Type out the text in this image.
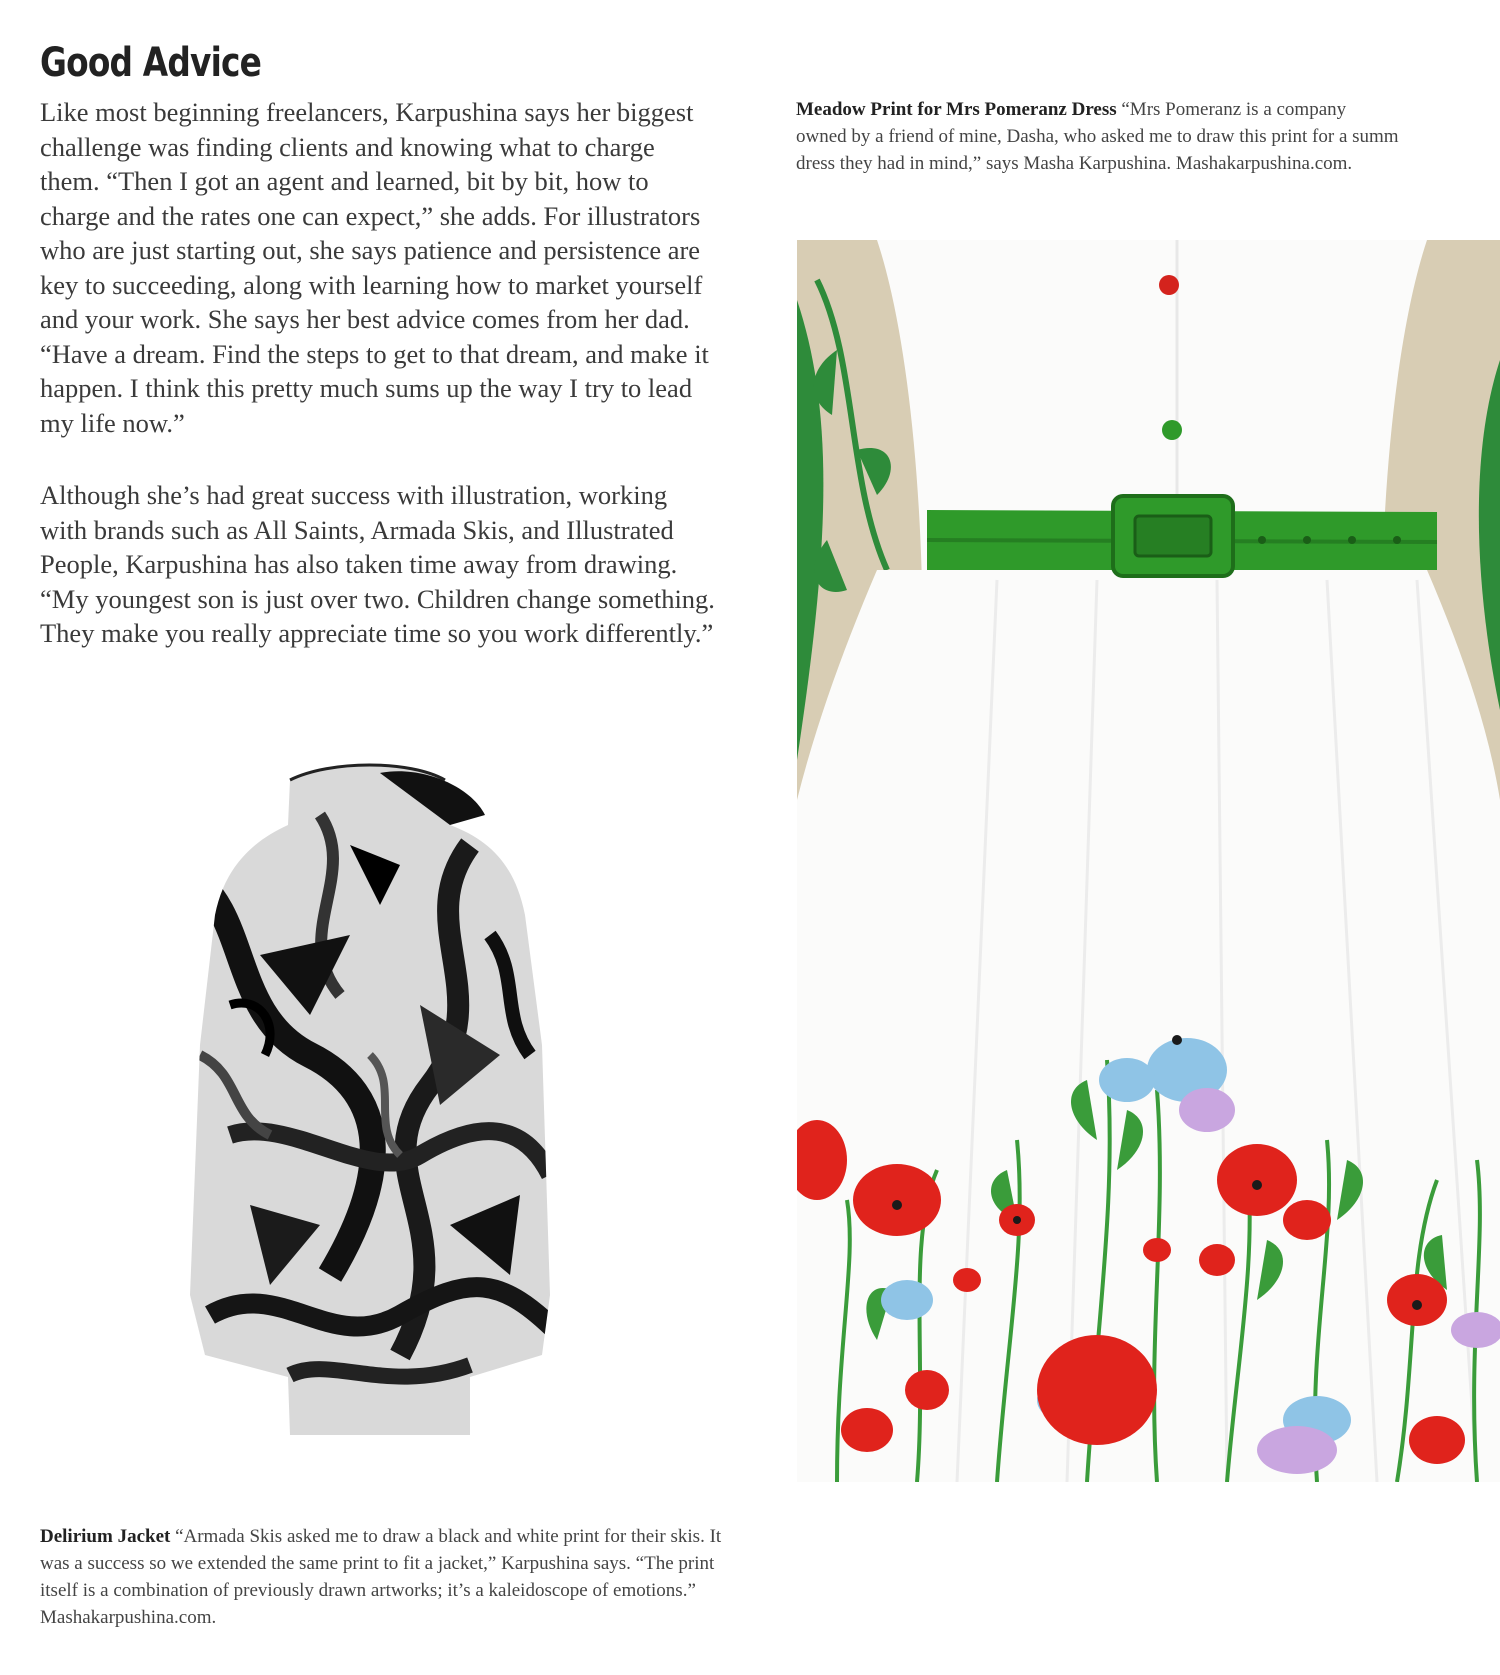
Good Advice

Like most beginning freelancers, Karpushina says her biggest challenge was finding clients and knowing what to charge them. “Then I got an agent and learned, bit by bit, how to charge and the rates one can expect,” she adds. For illustrators who are just starting out, she says patience and persistence are key to succeeding, along with learning how to market yourself and your work. She says her best advice comes from her dad. “Have a dream. Find the steps to get to that dream, and make it happen. I think this pretty much sums up the way I try to lead my life now.”

Although she’s had great success with illustration, working with brands such as All Saints, Armada Skis, and Illustrated People, Karpushina has also taken time away from drawing. “My youngest son is just over two. Children change something. They make you really appreciate time so you work differently.”

Meadow Print for Mrs Pomeranz Dress “Mrs Pomeranz is a company
owned by a friend of mine, Dasha, who asked me to draw this print for a summ
dress they had in mind,” says Masha Karpushina. Mashakarpushina.com.

Delirium Jacket “Armada Skis asked me to draw a black and white print for their skis. It was a success so we extended the same print to fit a jacket,” Karpushina says. “The print itself is a combination of previously drawn artworks; it’s a kaleidoscope of emotions.” Mashakarpushina.com.
